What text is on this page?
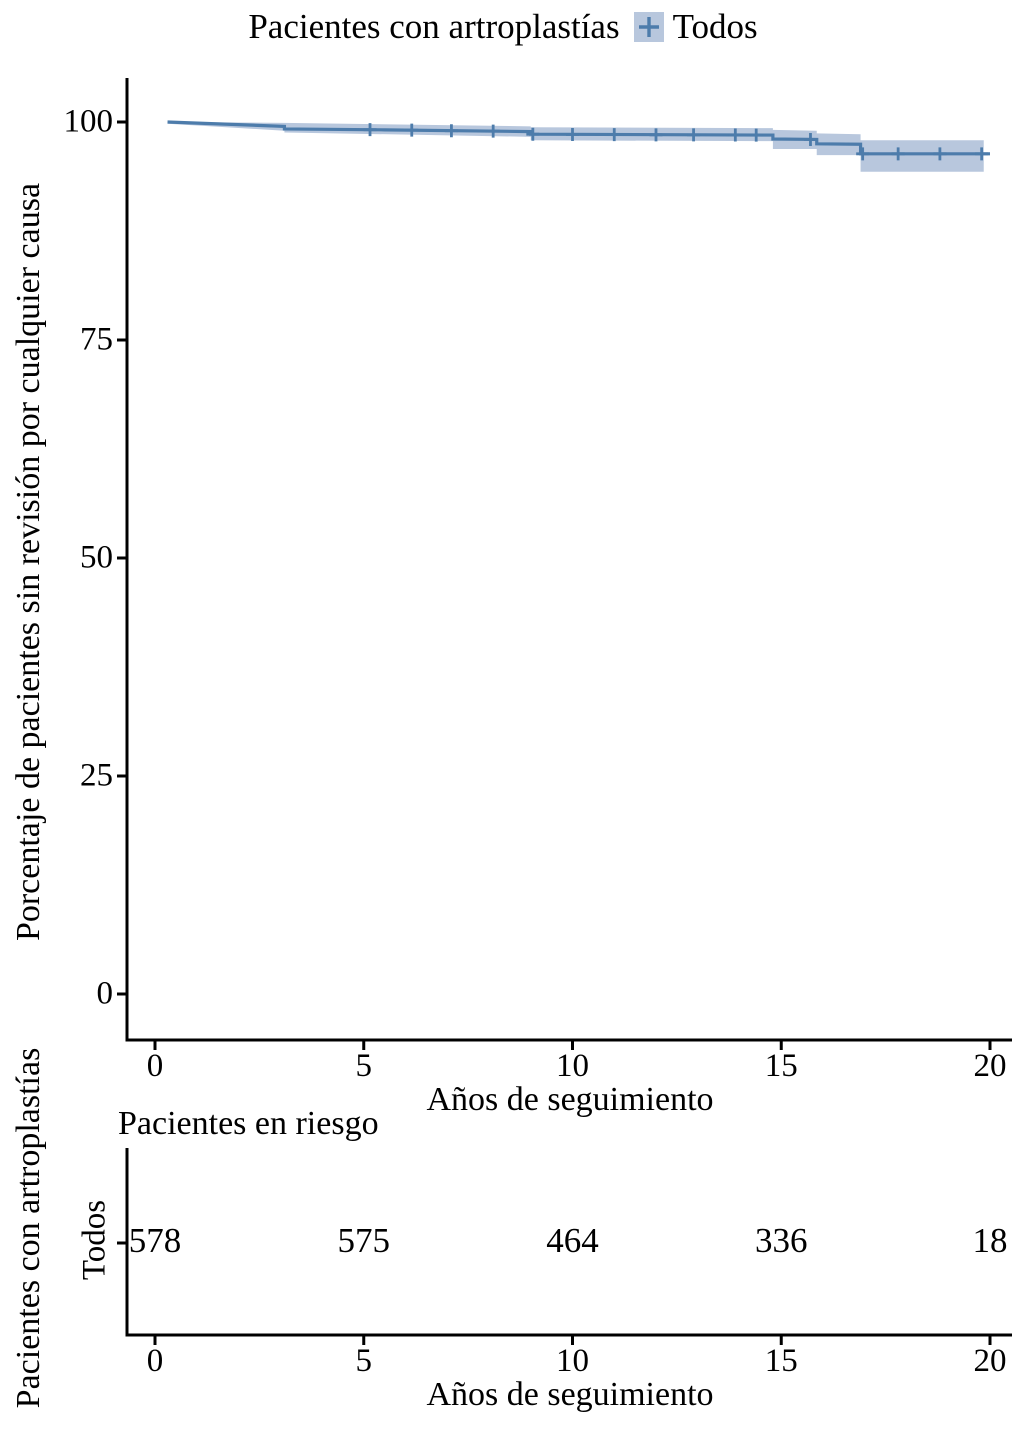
Pacientes con artroplastías Todos
Porcentaje de pacientes sin revisión por cualquier causa
Años de seguimiento
Pacientes en riesgo
Pacientes con artroplastías Todos
Años de seguimiento
0	5	10	15	20
0
25
50
75
100
0	5	10	15	20
578	575	464	336	18
